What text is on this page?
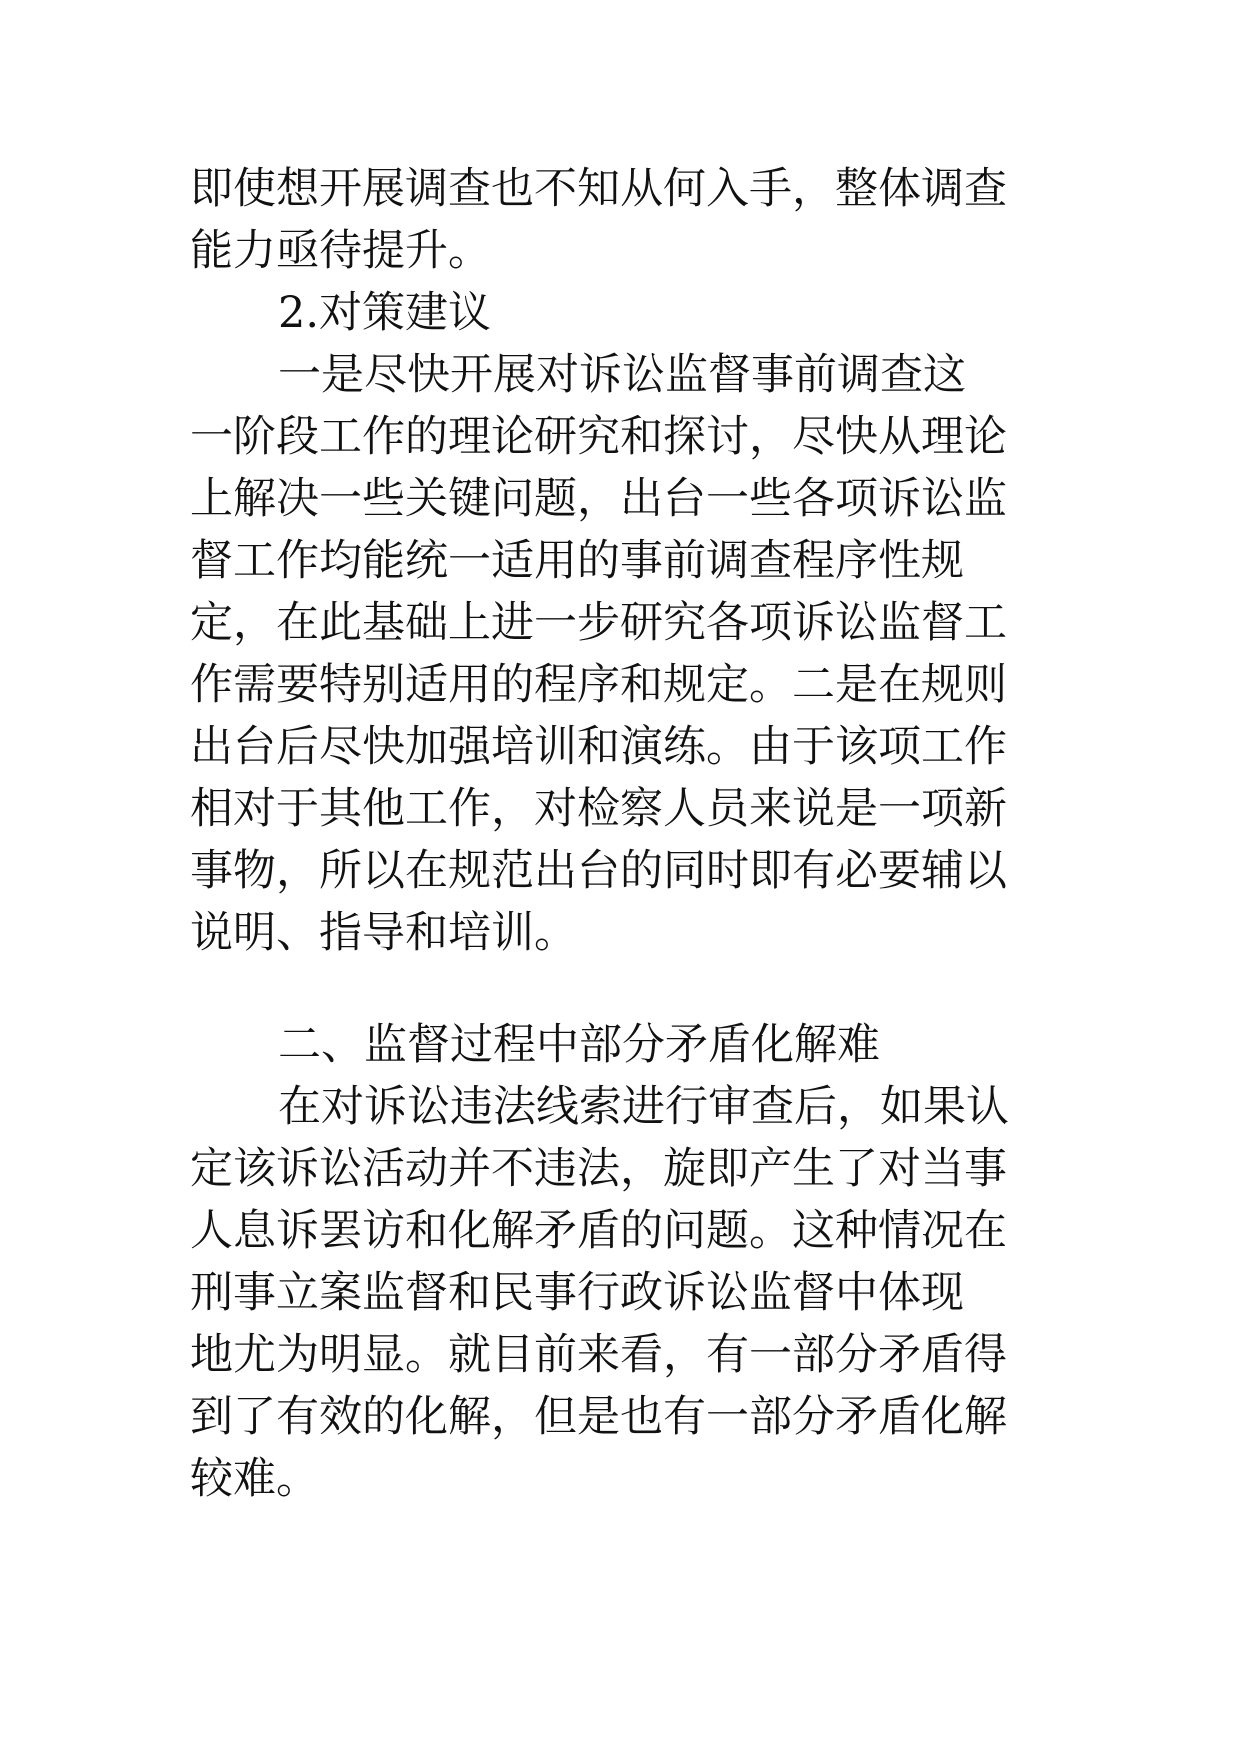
即使想开展调查也不知从何入手，整体调查
能力亟待提升。
2.对策建议
一是尽快开展对诉讼监督事前调查这
一阶段工作的理论研究和探讨，尽快从理论
上解决一些关键问题，出台一些各项诉讼监
督工作均能统一适用的事前调查程序性规
定，在此基础上进一步研究各项诉讼监督工
作需要特别适用的程序和规定。二是在规则
出台后尽快加强培训和演练。由于该项工作
相对于其他工作，对检察人员来说是一项新
事物，所以在规范出台的同时即有必要辅以
说明、指导和培训。
二、监督过程中部分矛盾化解难
在对诉讼违法线索进行审查后，如果认
定该诉讼活动并不违法，旋即产生了对当事
人息诉罢访和化解矛盾的问题。这种情况在
刑事立案监督和民事行政诉讼监督中体现
地尤为明显。就目前来看，有一部分矛盾得
到了有效的化解，但是也有一部分矛盾化解
较难。
